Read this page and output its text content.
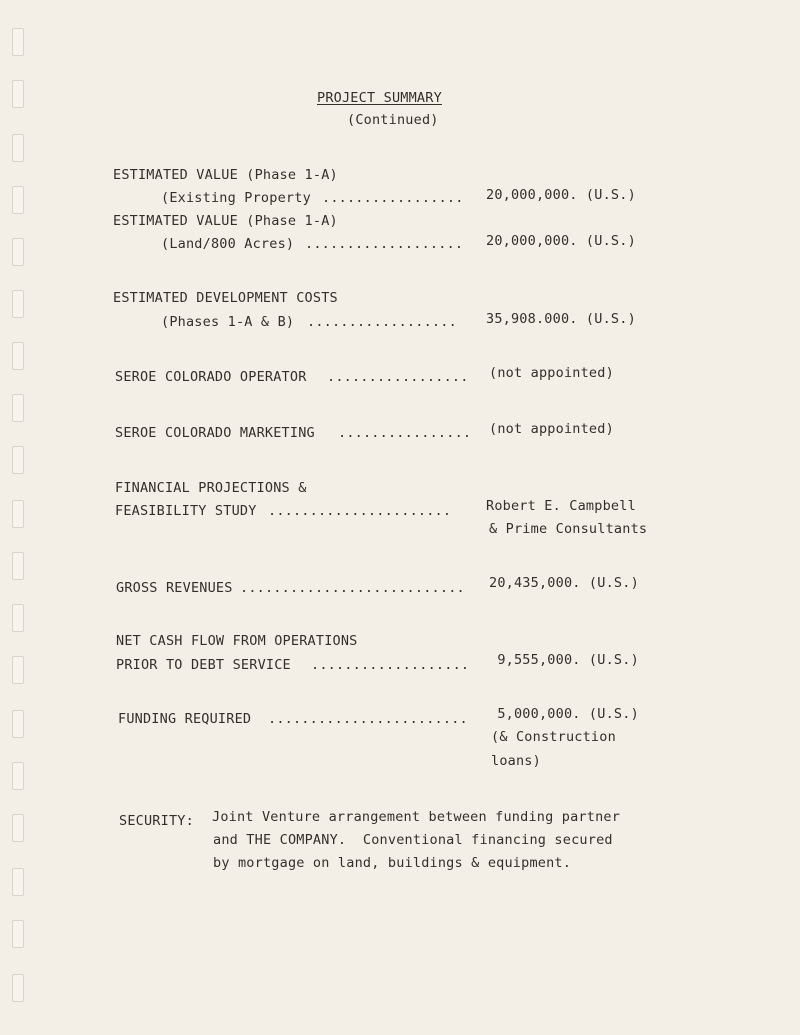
PROJECT SUMMARY
(Continued)
ESTIMATED VALUE (Phase 1-A)
(Existing Property ................. 20,000,000. (U.S.)
ESTIMATED VALUE (Phase 1-A)
(Land/800 Acres) ................... 20,000,000. (U.S.)
ESTIMATED DEVELOPMENT COSTS
(Phases 1-A & B) .................. 35,908.000. (U.S.)
SEROE COLORADO OPERATOR ................. (not appointed)
SEROE COLORADO MARKETING ................ (not appointed)
FINANCIAL PROJECTIONS &
FEASIBILITY STUDY ......................	Robert E. Campbell
& Prime Consultants
GROSS REVENUES ........................... 20,435,000. (U.S.)
NET CASH FLOW FROM OPERATIONS
PRIOR TO DEBT SERVICE ................... 9,555,000. (U.S.)
FUNDING REQUIRED ........................ 5,000,000. (U.S.)
(& Construction
loans)
SECURITY: Joint Venture arrangement between funding partner
and THE COMPANY.  Conventional financing secured
by mortgage on land, buildings & equipment.
